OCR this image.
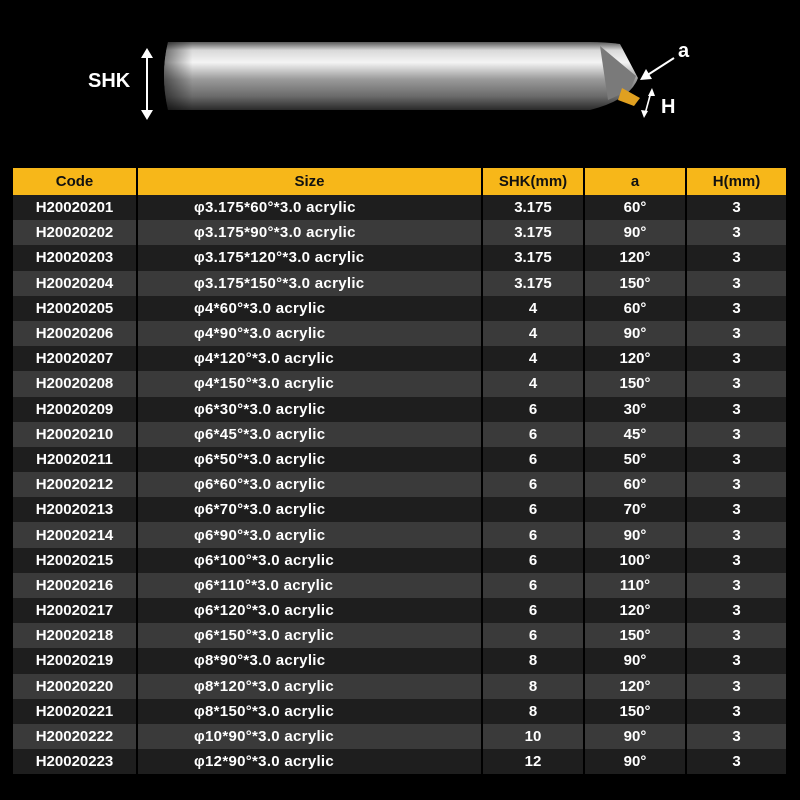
SHK
a
H
Code	Size	SHK(mm)	a	H(mm)
H20020201	φ3.175*60°*3.0 acrylic	3.175	60°	3
H20020202	φ3.175*90°*3.0 acrylic	3.175	90°	3
H20020203	φ3.175*120°*3.0 acrylic	3.175	120°	3
H20020204	φ3.175*150°*3.0 acrylic	3.175	150°	3
H20020205	φ4*60°*3.0 acrylic	4	60°	3
H20020206	φ4*90°*3.0 acrylic	4	90°	3
H20020207	φ4*120°*3.0 acrylic	4	120°	3
H20020208	φ4*150°*3.0 acrylic	4	150°	3
H20020209	φ6*30°*3.0 acrylic	6	30°	3
H20020210	φ6*45°*3.0 acrylic	6	45°	3
H20020211	φ6*50°*3.0 acrylic	6	50°	3
H20020212	φ6*60°*3.0 acrylic	6	60°	3
H20020213	φ6*70°*3.0 acrylic	6	70°	3
H20020214	φ6*90°*3.0 acrylic	6	90°	3
H20020215	φ6*100°*3.0 acrylic	6	100°	3
H20020216	φ6*110°*3.0 acrylic	6	110°	3
H20020217	φ6*120°*3.0 acrylic	6	120°	3
H20020218	φ6*150°*3.0 acrylic	6	150°	3
H20020219	φ8*90°*3.0 acrylic	8	90°	3
H20020220	φ8*120°*3.0 acrylic	8	120°	3
H20020221	φ8*150°*3.0 acrylic	8	150°	3
H20020222	φ10*90°*3.0 acrylic	10	90°	3
H20020223	φ12*90°*3.0 acrylic	12	90°	3
